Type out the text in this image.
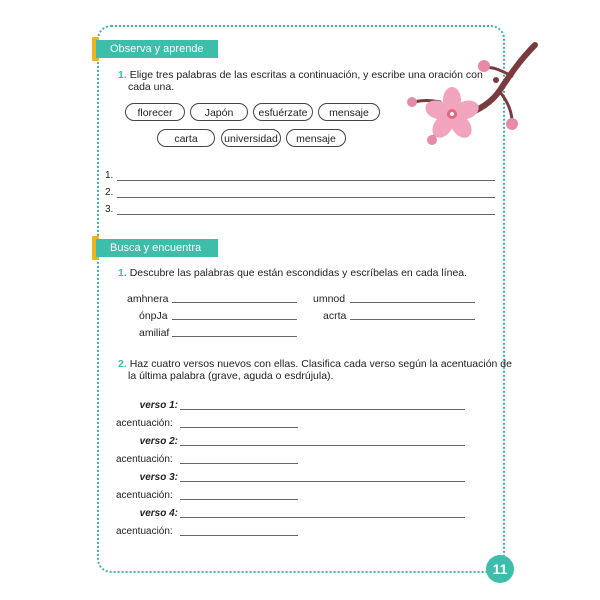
Observa y aprende
1. Elige tres palabras de las escritas a continuación, y escribe una oración con
cada una.
florecer	Japón	esfuérzate	mensaje
carta	universidad	mensaje
1.
2.
3.
Busca y encuentra
1. Descubre las palabras que están escondidas y escríbelas en cada línea.
amhnera	umnod
ónpJa	acrta
amiliaf
2. Haz cuatro versos nuevos con ellas. Clasifica cada verso según la acentuación de
la última palabra (grave, aguda o esdrújula).
verso 1:
acentuación:
verso 2:
acentuación:
verso 3:
acentuación:
verso 4:
acentuación:
11
